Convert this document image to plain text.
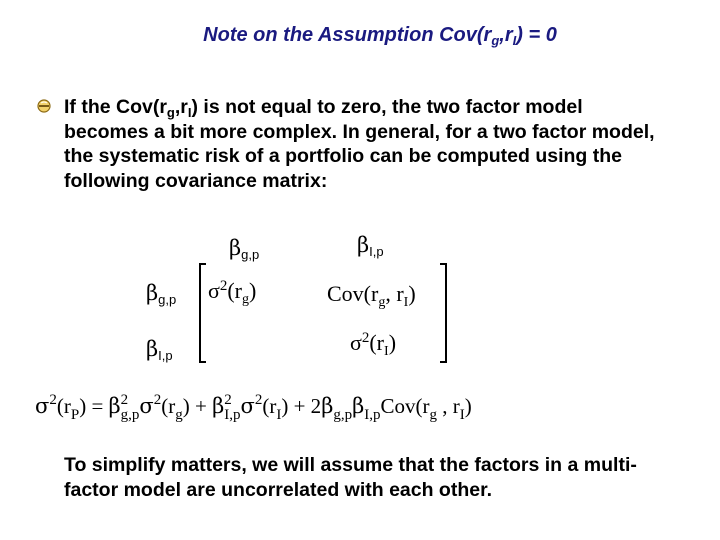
Note on the Assumption $Cov(r_g,r_I) = 0$
If the $Cov(r_g,r_I)$ is not equal to zero, the two factor model becomes a bit more complex. In general, for a two factor model, the systematic risk of a portfolio can be computed using the following covariance matrix:
$\beta_{g,p}$	$\beta_{I,p}$
$\beta_{g,p}$
$\beta_{I,p}$
$\sigma^2(r_g)$	$Cov(r_g$, $r_I$)
$\sigma^2(r_I)$
$\sigma^2(r_P) = \beta$ 2
g,p $\sigma^2(r_g) + \beta$ 2
I,p $\sigma^2(r_I) + 2\beta_{g,p}\beta_{I,p}Cov(r_g$ , $r_I$)
To simplify matters, we will assume that the factors in a multi-factor model are uncorrelated with each other.
